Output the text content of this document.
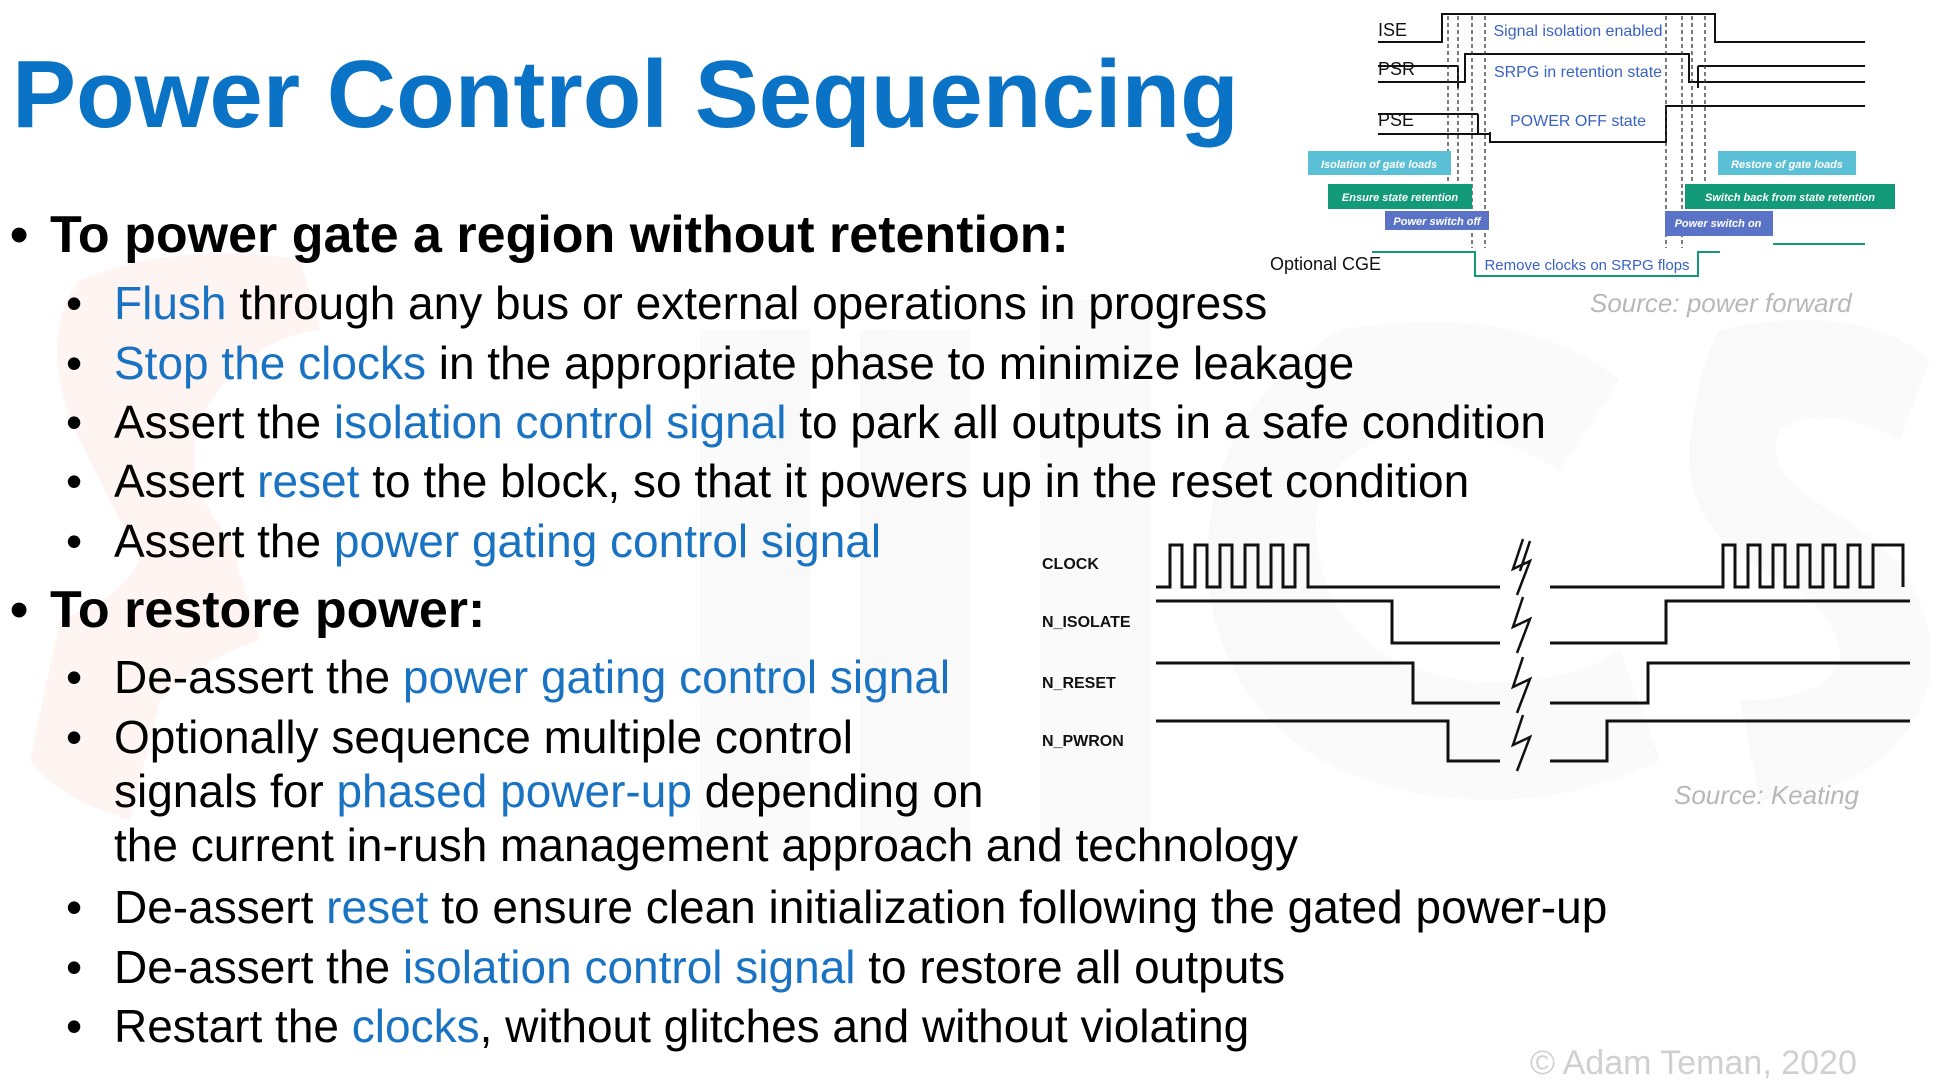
Power Control Sequencing
• To power gate a region without retention:
• Flush through any bus or external operations in progress
• Stop the clocks in the appropriate phase to minimize leakage
• Assert the isolation control signal to park all outputs in a safe condition
• Assert reset to the block, so that it powers up in the reset condition
• Assert the power gating control signal
• To restore power:
• De-assert the power gating control signal
• Optionally sequence multiple control
signals for phased power-up depending on
the current in-rush management approach and technology
• De-assert reset to ensure clean initialization following the gated power-up
• De-assert the isolation control signal to restore all outputs
• Restart the clocks, without glitches and without violating
ISE
PSR
PSE
Signal isolation enabled
SRPG in retention state
POWER OFF state
Isolation of gate loads
Ensure state retention
Power switch off
Restore of gate loads
Switch back from state retention
Power switch on
Optional CGE	Remove clocks on SRPG flops
Source: power forward
CLOCK
N_ISOLATE
N_RESET
N_PWRON
Source: Keating
© Adam Teman, 2020
